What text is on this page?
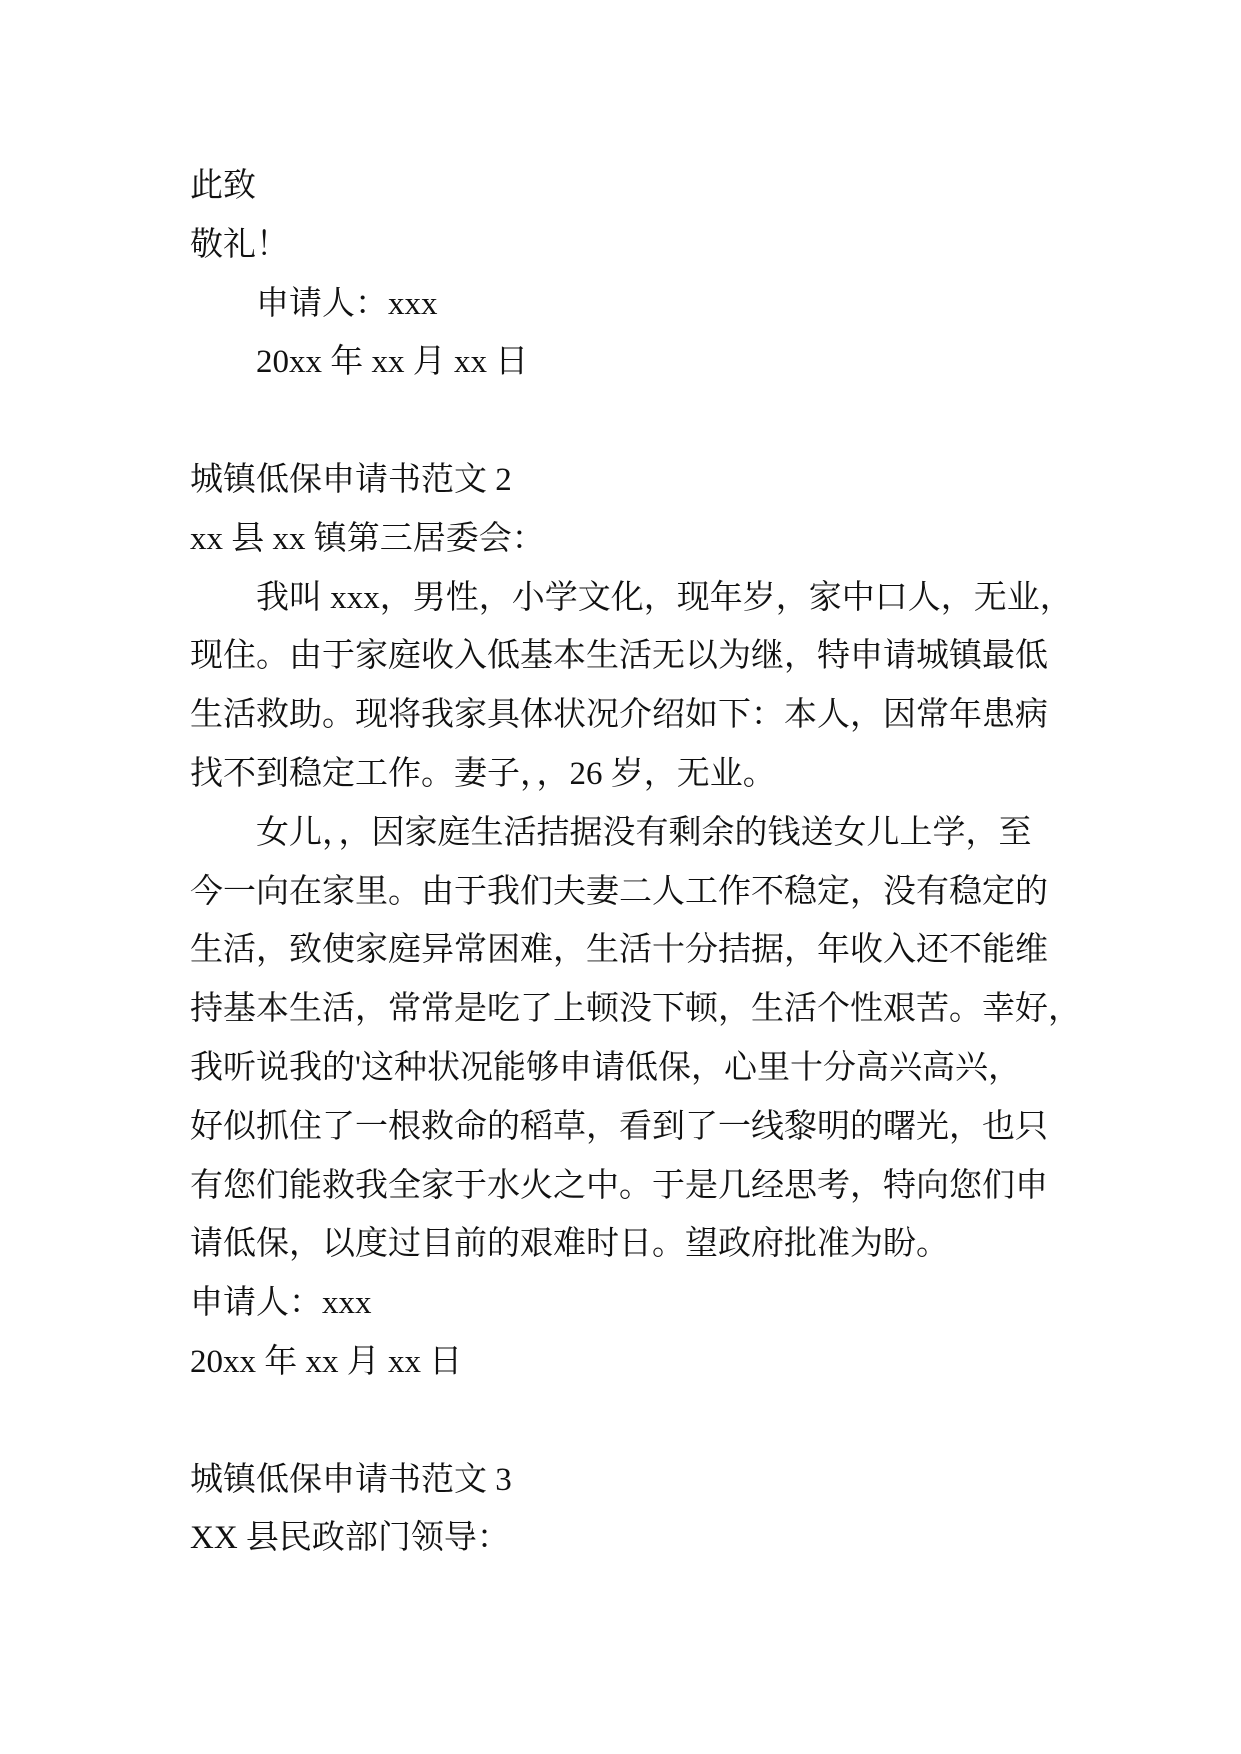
此致
敬礼！
申请人：xxx
20xx 年 xx 月 xx 日
城镇低保申请书范文 2
xx 县 xx 镇第三居委会：
我叫 xxx，男性，小学文化，现年岁，家中口人，无业，
现住。由于家庭收入低基本生活无以为继，特申请城镇最低
生活救助。现将我家具体状况介绍如下：本人，因常年患病
找不到稳定工作。妻子，，26 岁，无业。
女儿，，因家庭生活拮据没有剩余的钱送女儿上学，至
今一向在家里。由于我们夫妻二人工作不稳定，没有稳定的
生活，致使家庭异常困难，生活十分拮据，年收入还不能维
持基本生活，常常是吃了上顿没下顿，生活个性艰苦。幸好，
我听说我的'这种状况能够申请低保，心里十分高兴高兴，
好似抓住了一根救命的稻草，看到了一线黎明的曙光，也只
有您们能救我全家于水火之中。于是几经思考，特向您们申
请低保，以度过目前的艰难时日。望政府批准为盼。
申请人：xxx
20xx 年 xx 月 xx 日
城镇低保申请书范文 3
XX 县民政部门领导：
